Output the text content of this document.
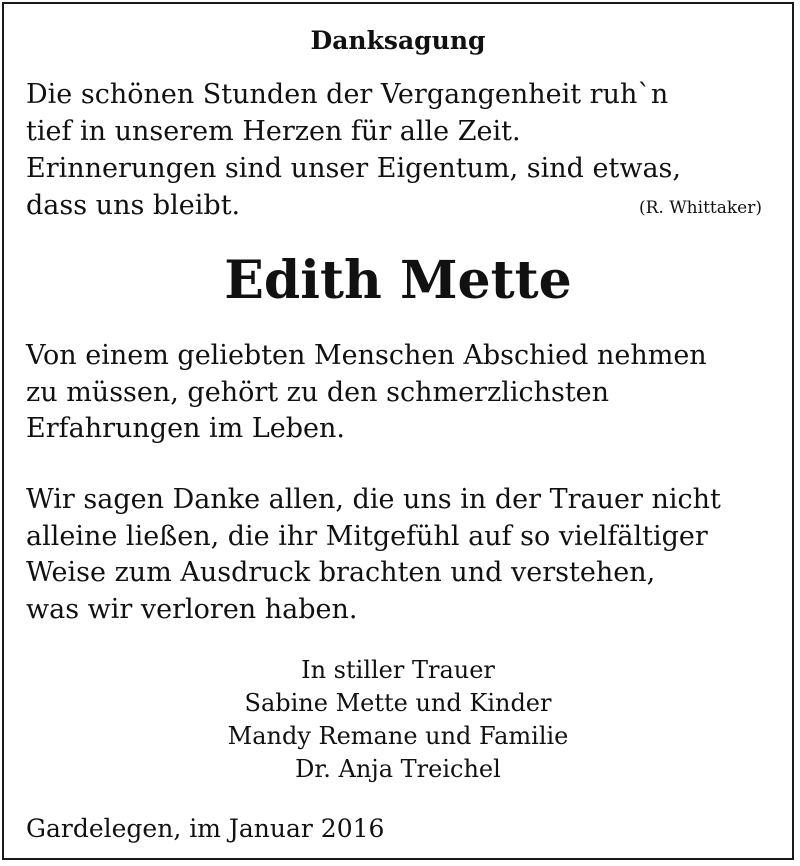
Danksagung
Die schönen Stunden der Vergangenheit ruh`n
tief in unserem Herzen für alle Zeit.
Erinnerungen sind unser Eigentum, sind etwas,
dass uns bleibt.	(R. Whittaker)
Edith Mette
Von einem geliebten Menschen Abschied nehmen
zu müssen, gehört zu den schmerzlichsten
Erfahrungen im Leben.
Wir sagen Danke allen, die uns in der Trauer nicht
alleine ließen, die ihr Mitgefühl auf so vielfältiger
Weise zum Ausdruck brachten und verstehen,
was wir verloren haben.
In stiller Trauer
Sabine Mette und Kinder
Mandy Remane und Familie
Dr. Anja Treichel
Gardelegen, im Januar 2016
